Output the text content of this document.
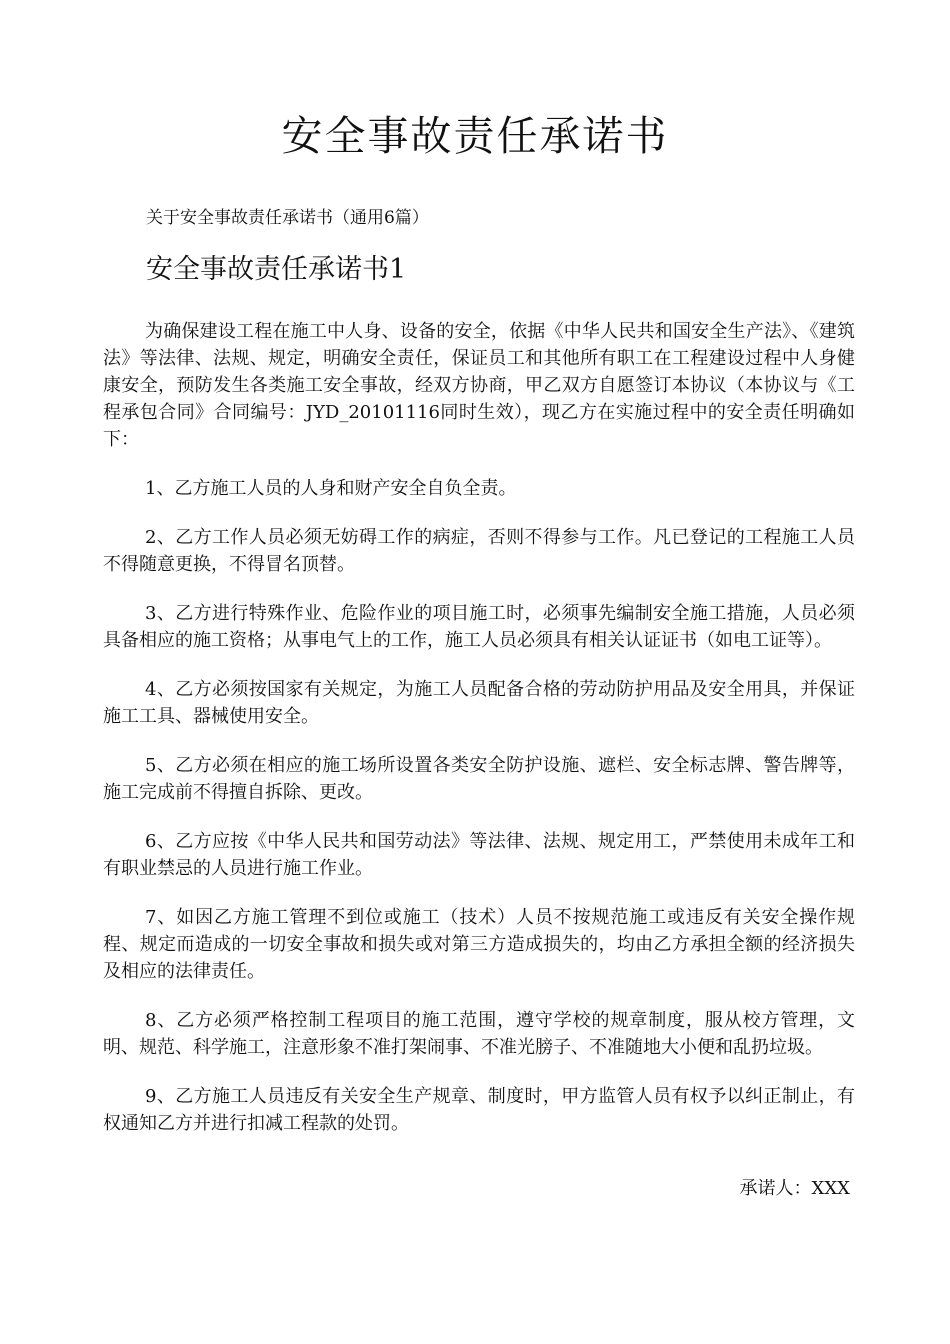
安全事故责任承诺书

关于安全事故责任承诺书（通用6篇）

安全事故责任承诺书1

为确保建设工程在施工中人身、设备的安全，依据《中华人民共和国安全生产法》、《建筑法》等法律、法规、规定，明确安全责任，保证员工和其他所有职工在工程建设过程中人身健康安全，预防发生各类施工安全事故，经双方协商，甲乙双方自愿签订本协议（本协议与《工程承包合同》合同编号：JYD_20101116同时生效），现乙方在实施过程中的安全责任明确如下：

1、乙方施工人员的人身和财产安全自负全责。

2、乙方工作人员必须无妨碍工作的病症，否则不得参与工作。凡已登记的工程施工人员不得随意更换，不得冒名顶替。

3、乙方进行特殊作业、危险作业的项目施工时，必须事先编制安全施工措施，人员必须具备相应的施工资格；从事电气上的工作，施工人员必须具有相关认证证书（如电工证等）。

4、乙方必须按国家有关规定，为施工人员配备合格的劳动防护用品及安全用具，并保证施工工具、器械使用安全。

5、乙方必须在相应的施工场所设置各类安全防护设施、遮栏、安全标志牌、警告牌等，施工完成前不得擅自拆除、更改。

6、乙方应按《中华人民共和国劳动法》等法律、法规、规定用工，严禁使用未成年工和有职业禁忌的人员进行施工作业。

7、如因乙方施工管理不到位或施工（技术）人员不按规范施工或违反有关安全操作规程、规定而造成的一切安全事故和损失或对第三方造成损失的，均由乙方承担全额的经济损失及相应的法律责任。

8、乙方必须严格控制工程项目的施工范围，遵守学校的规章制度，服从校方管理，文明、规范、科学施工，注意形象不准打架闹事、不准光膀子、不准随地大小便和乱扔垃圾。

9、乙方施工人员违反有关安全生产规章、制度时，甲方监管人员有权予以纠正制止，有权通知乙方并进行扣减工程款的处罚。

承诺人：XXX
